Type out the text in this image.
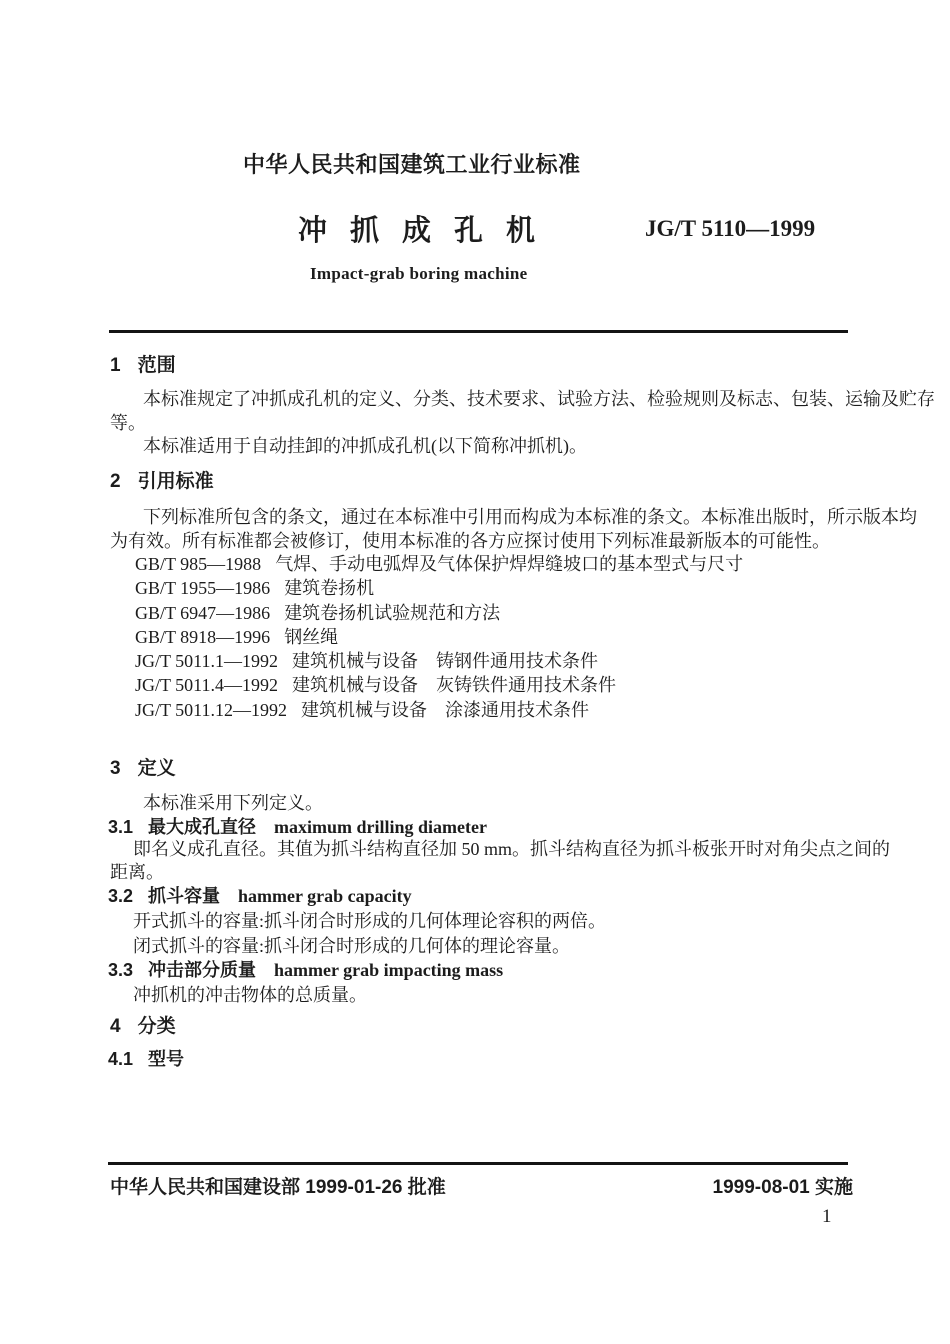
中华人民共和国建筑工业行业标准
冲抓成孔机	JG/T 5110—1999
Impact-grab boring machine
1 范围
本标准规定了冲抓成孔机的定义、分类、技术要求、试验方法、检验规则及标志、包装、运输及贮存
等。
本标准适用于自动挂卸的冲抓成孔机(以下简称冲抓机)。
2 引用标准
下列标准所包含的条文，通过在本标准中引用而构成为本标准的条文。本标准出版时，所示版本均
为有效。所有标准都会被修订，使用本标准的各方应探讨使用下列标准最新版本的可能性。
GB/T 985—1988 气焊、手动电弧焊及气体保护焊焊缝坡口的基本型式与尺寸
GB/T 1955—1986 建筑卷扬机
GB/T 6947—1986 建筑卷扬机试验规范和方法
GB/T 8918—1996 钢丝绳
JG/T 5011.1—1992 建筑机械与设备　铸钢件通用技术条件
JG/T 5011.4—1992 建筑机械与设备　灰铸铁件通用技术条件
JG/T 5011.12—1992 建筑机械与设备　涂漆通用技术条件
3 定义
本标准采用下列定义。
3.1 最大成孔直径 maximum drilling diameter
即名义成孔直径。其值为抓斗结构直径加 50 mm。抓斗结构直径为抓斗板张开时对角尖点之间的
距离。
3.2 抓斗容量 hammer grab capacity
开式抓斗的容量:抓斗闭合时形成的几何体理论容积的两倍。
闭式抓斗的容量:抓斗闭合时形成的几何体的理论容量。
3.3 冲击部分质量 hammer grab impacting mass
冲抓机的冲击物体的总质量。
4 分类
4.1 型号
中华人民共和国建设部 1999-01-26 批准	1999-08-01 实施
1
